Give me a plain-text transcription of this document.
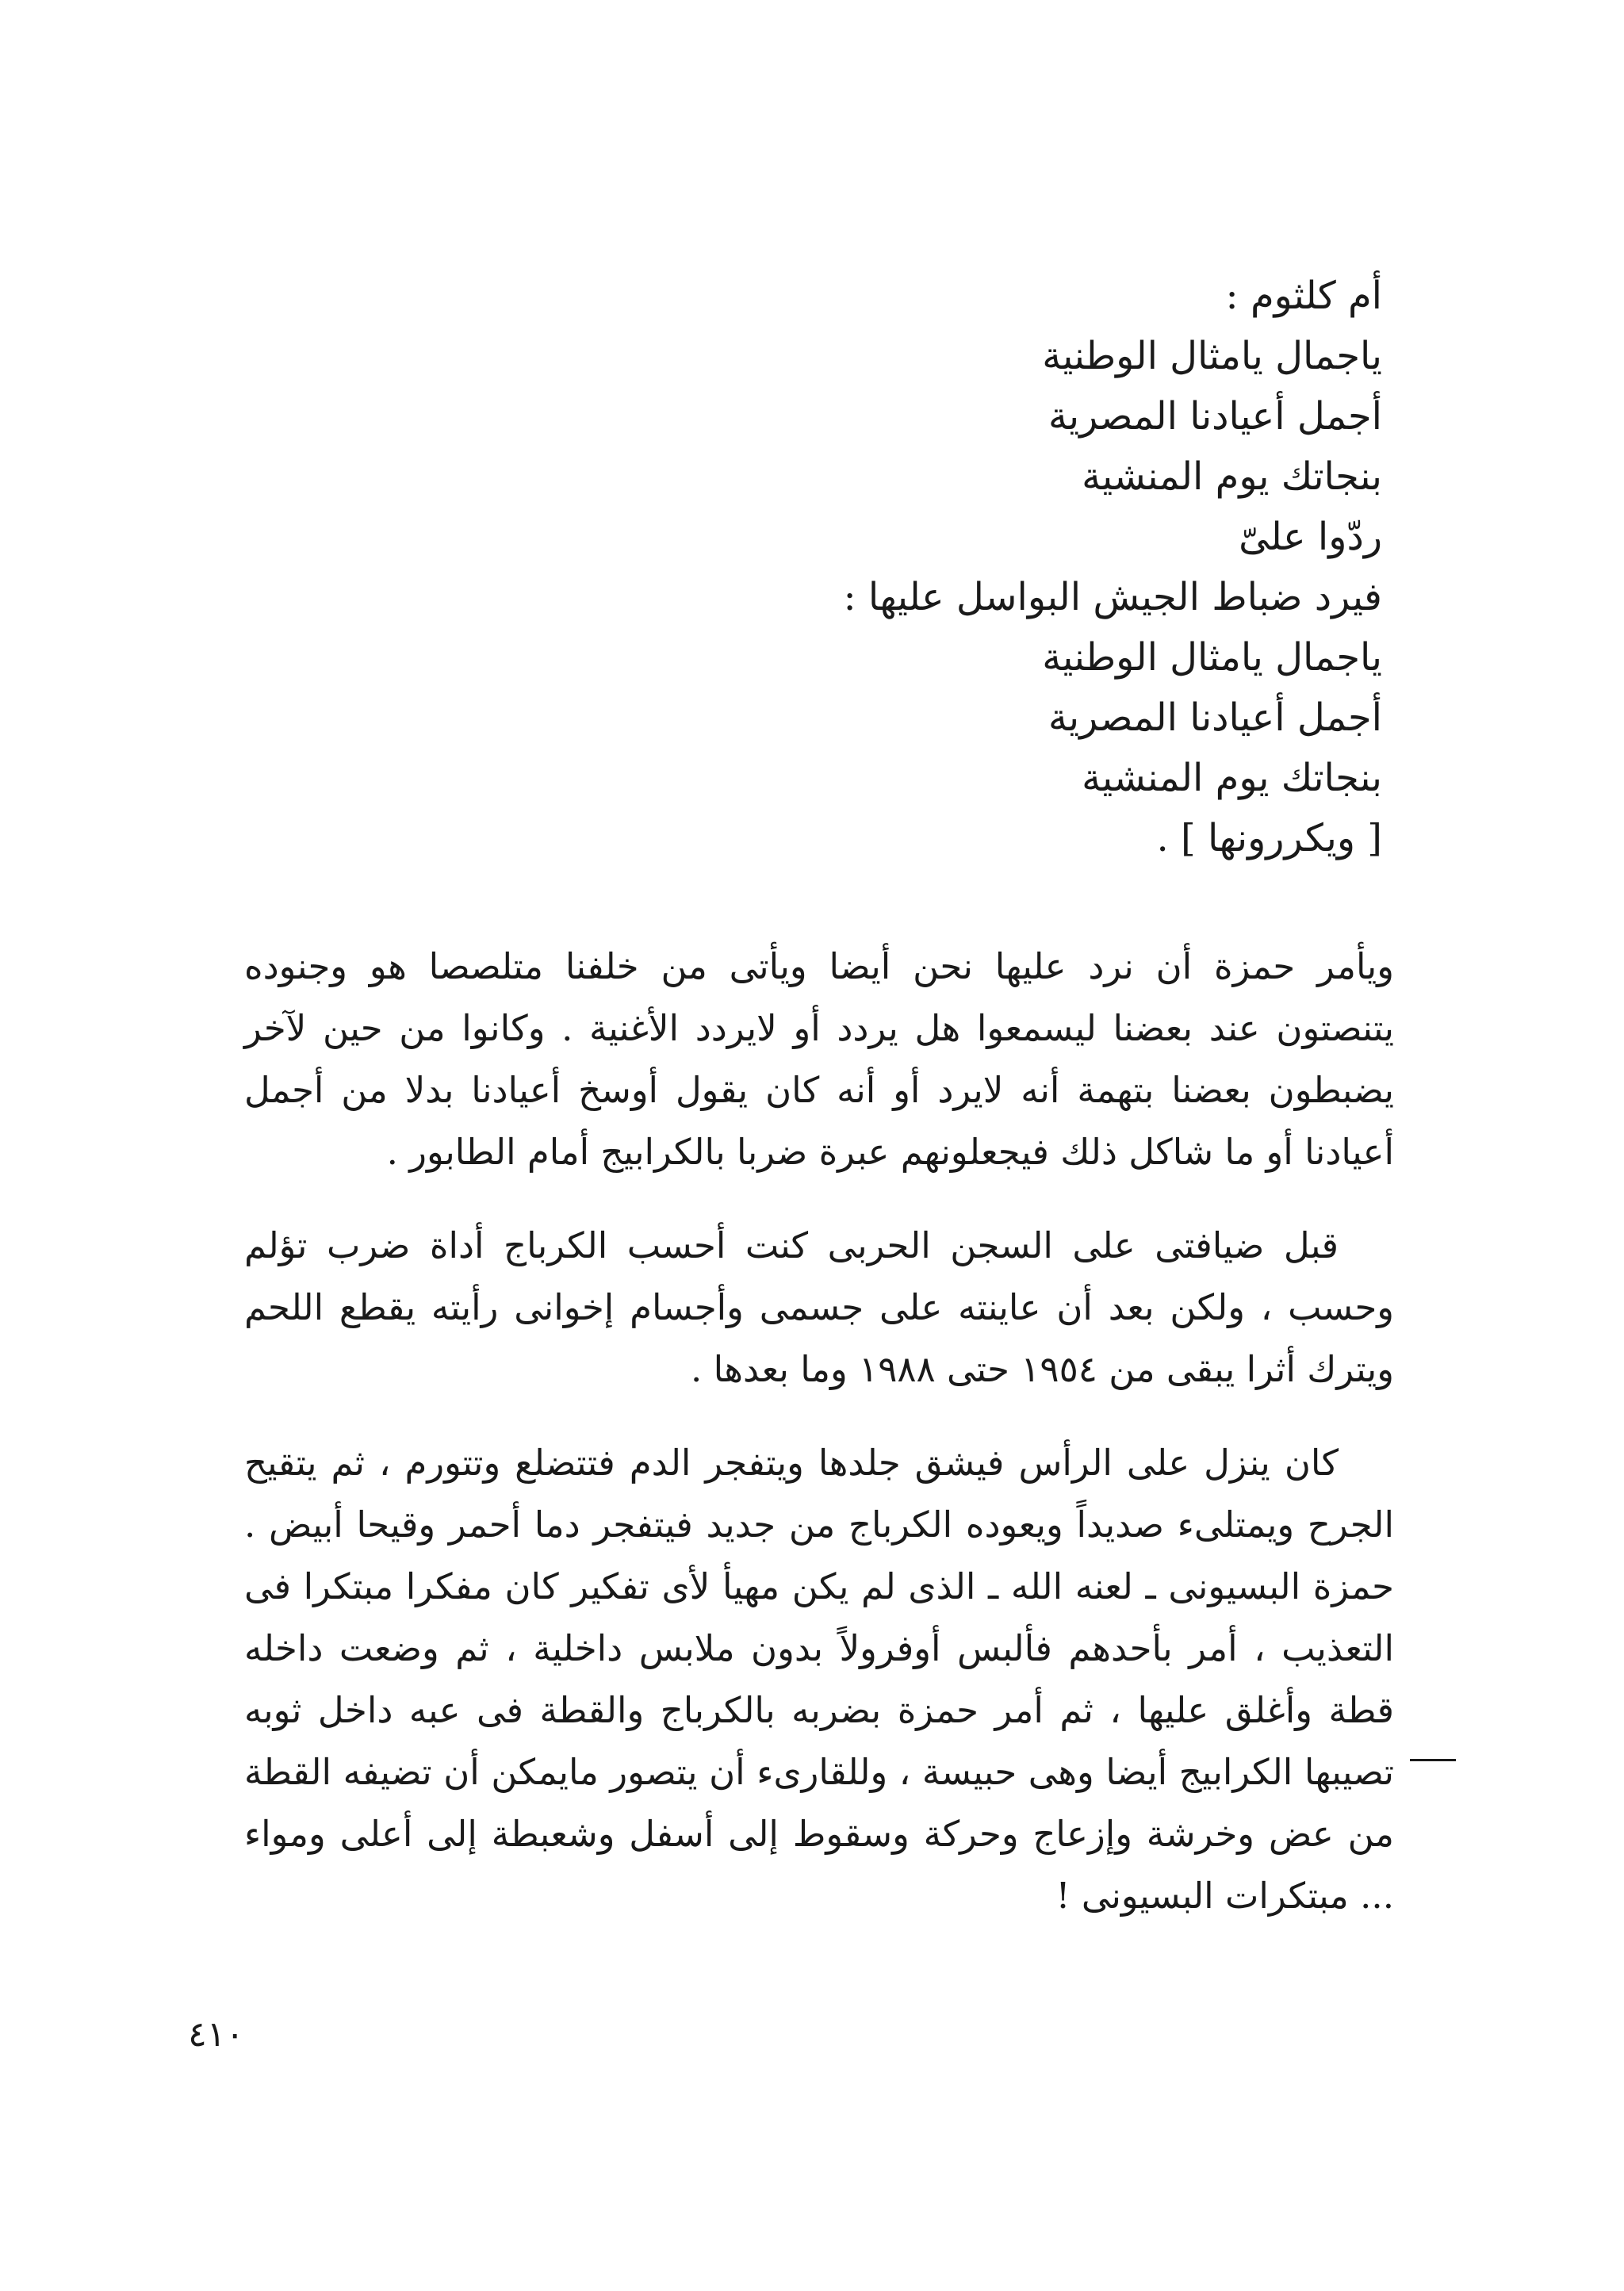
أم كلثوم :
ياجمال يامثال الوطنية
أجمل أعيادنا المصرية
بنجاتك يوم المنشية
ردّوا علىّ
فيرد ضباط الجيش البواسل عليها :
ياجمال يامثال الوطنية
أجمل أعيادنا المصرية
بنجاتك يوم المنشية
[ ويكررونها ] .

ويأمر حمزة أن نرد عليها نحن أيضا ويأتى من خلفنا متلصصا هو وجنوده يتنصتون عند بعضنا ليسمعوا هل يردد أو لايردد الأغنية . وكانوا من حين لآخر يضبطون بعضنا بتهمة أنه لايرد أو أنه كان يقول أوسخ أعيادنا بدلا من أجمل أعيادنا أو ما شاكل ذلك فيجعلونهم عبرة ضربا بالكرابيج أمام الطابور .

قبل ضيافتى على السجن الحربى كنت أحسب الكرباج أداة ضرب تؤلم وحسب ، ولكن بعد أن عاينته على جسمى وأجسام إخوانى رأيته يقطع اللحم ويترك أثرا يبقى من ١٩٥٤ حتى ١٩٨٨ وما بعدها .

كان ينزل على الرأس فيشق جلدها ويتفجر الدم فتتضلع وتتورم ، ثم يتقيح الجرح ويمتلىء صديداً ويعوده الكرباج من جديد فيتفجر دما أحمر وقيحا أبيض . حمزة البسيونى ـ لعنه الله ـ الذى لم يكن مهيأ لأى تفكير كان مفكرا مبتكرا فى التعذيب ، أمر بأحدهم فألبس أوفرولاً بدون ملابس داخلية ، ثم وضعت داخله قطة وأغلق عليها ، ثم أمر حمزة بضربه بالكرباج والقطة فى عبه داخل ثوبه تصيبها الكرابيج أيضا وهى حبيسة ، وللقارىء أن يتصور مايمكن أن تضيفه القطة من عض وخرشة وإزعاج وحركة وسقوط إلى أسفل وشعبطة إلى أعلى ومواء ... مبتكرات البسيونى !

٤١٠
